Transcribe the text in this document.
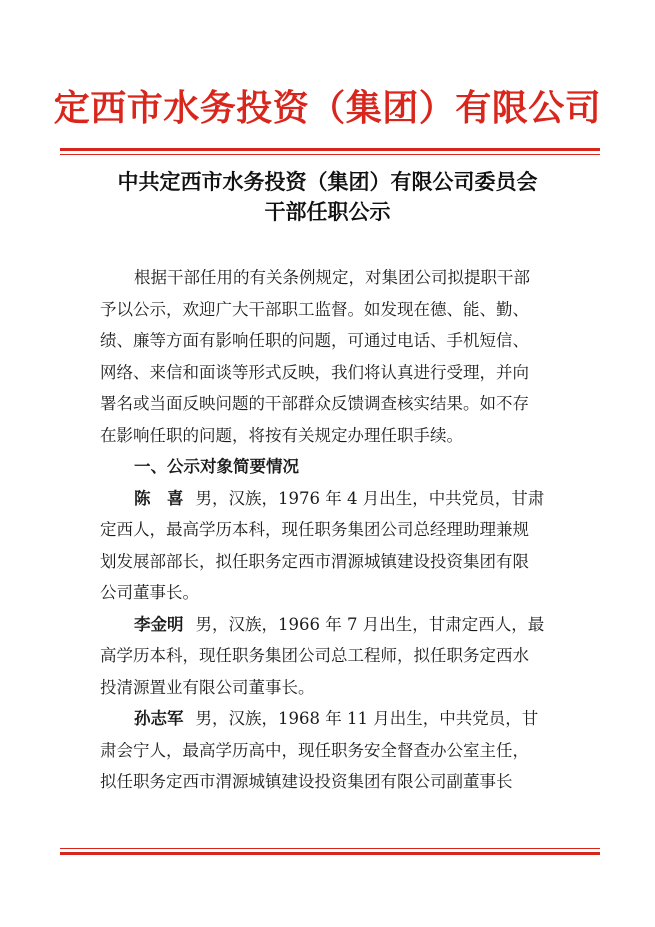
定西市水务投资（集团）有限公司
中共定西市水务投资（集团）有限公司委员会
干部任职公示
根据干部任用的有关条例规定，对集团公司拟提职干部
予以公示，欢迎广大干部职工监督。如发现在德、能、勤、
绩、廉等方面有影响任职的问题，可通过电话、手机短信、
网络、来信和面谈等形式反映，我们将认真进行受理，并向
署名或当面反映问题的干部群众反馈调查核实结果。如不存
在影响任职的问题，将按有关规定办理任职手续。
一、公示对象简要情况
陈　喜 男，汉族，1976 年 4 月出生，中共党员，甘肃
定西人，最高学历本科，现任职务集团公司总经理助理兼规
划发展部部长，拟任职务定西市渭源城镇建设投资集团有限
公司董事长。
李金明 男，汉族，1966 年 7 月出生，甘肃定西人，最
高学历本科，现任职务集团公司总工程师，拟任职务定西水
投清源置业有限公司董事长。
孙志军 男，汉族，1968 年 11 月出生，中共党员，甘
肃会宁人，最高学历高中，现任职务安全督查办公室主任，
拟任职务定西市渭源城镇建设投资集团有限公司副董事长
